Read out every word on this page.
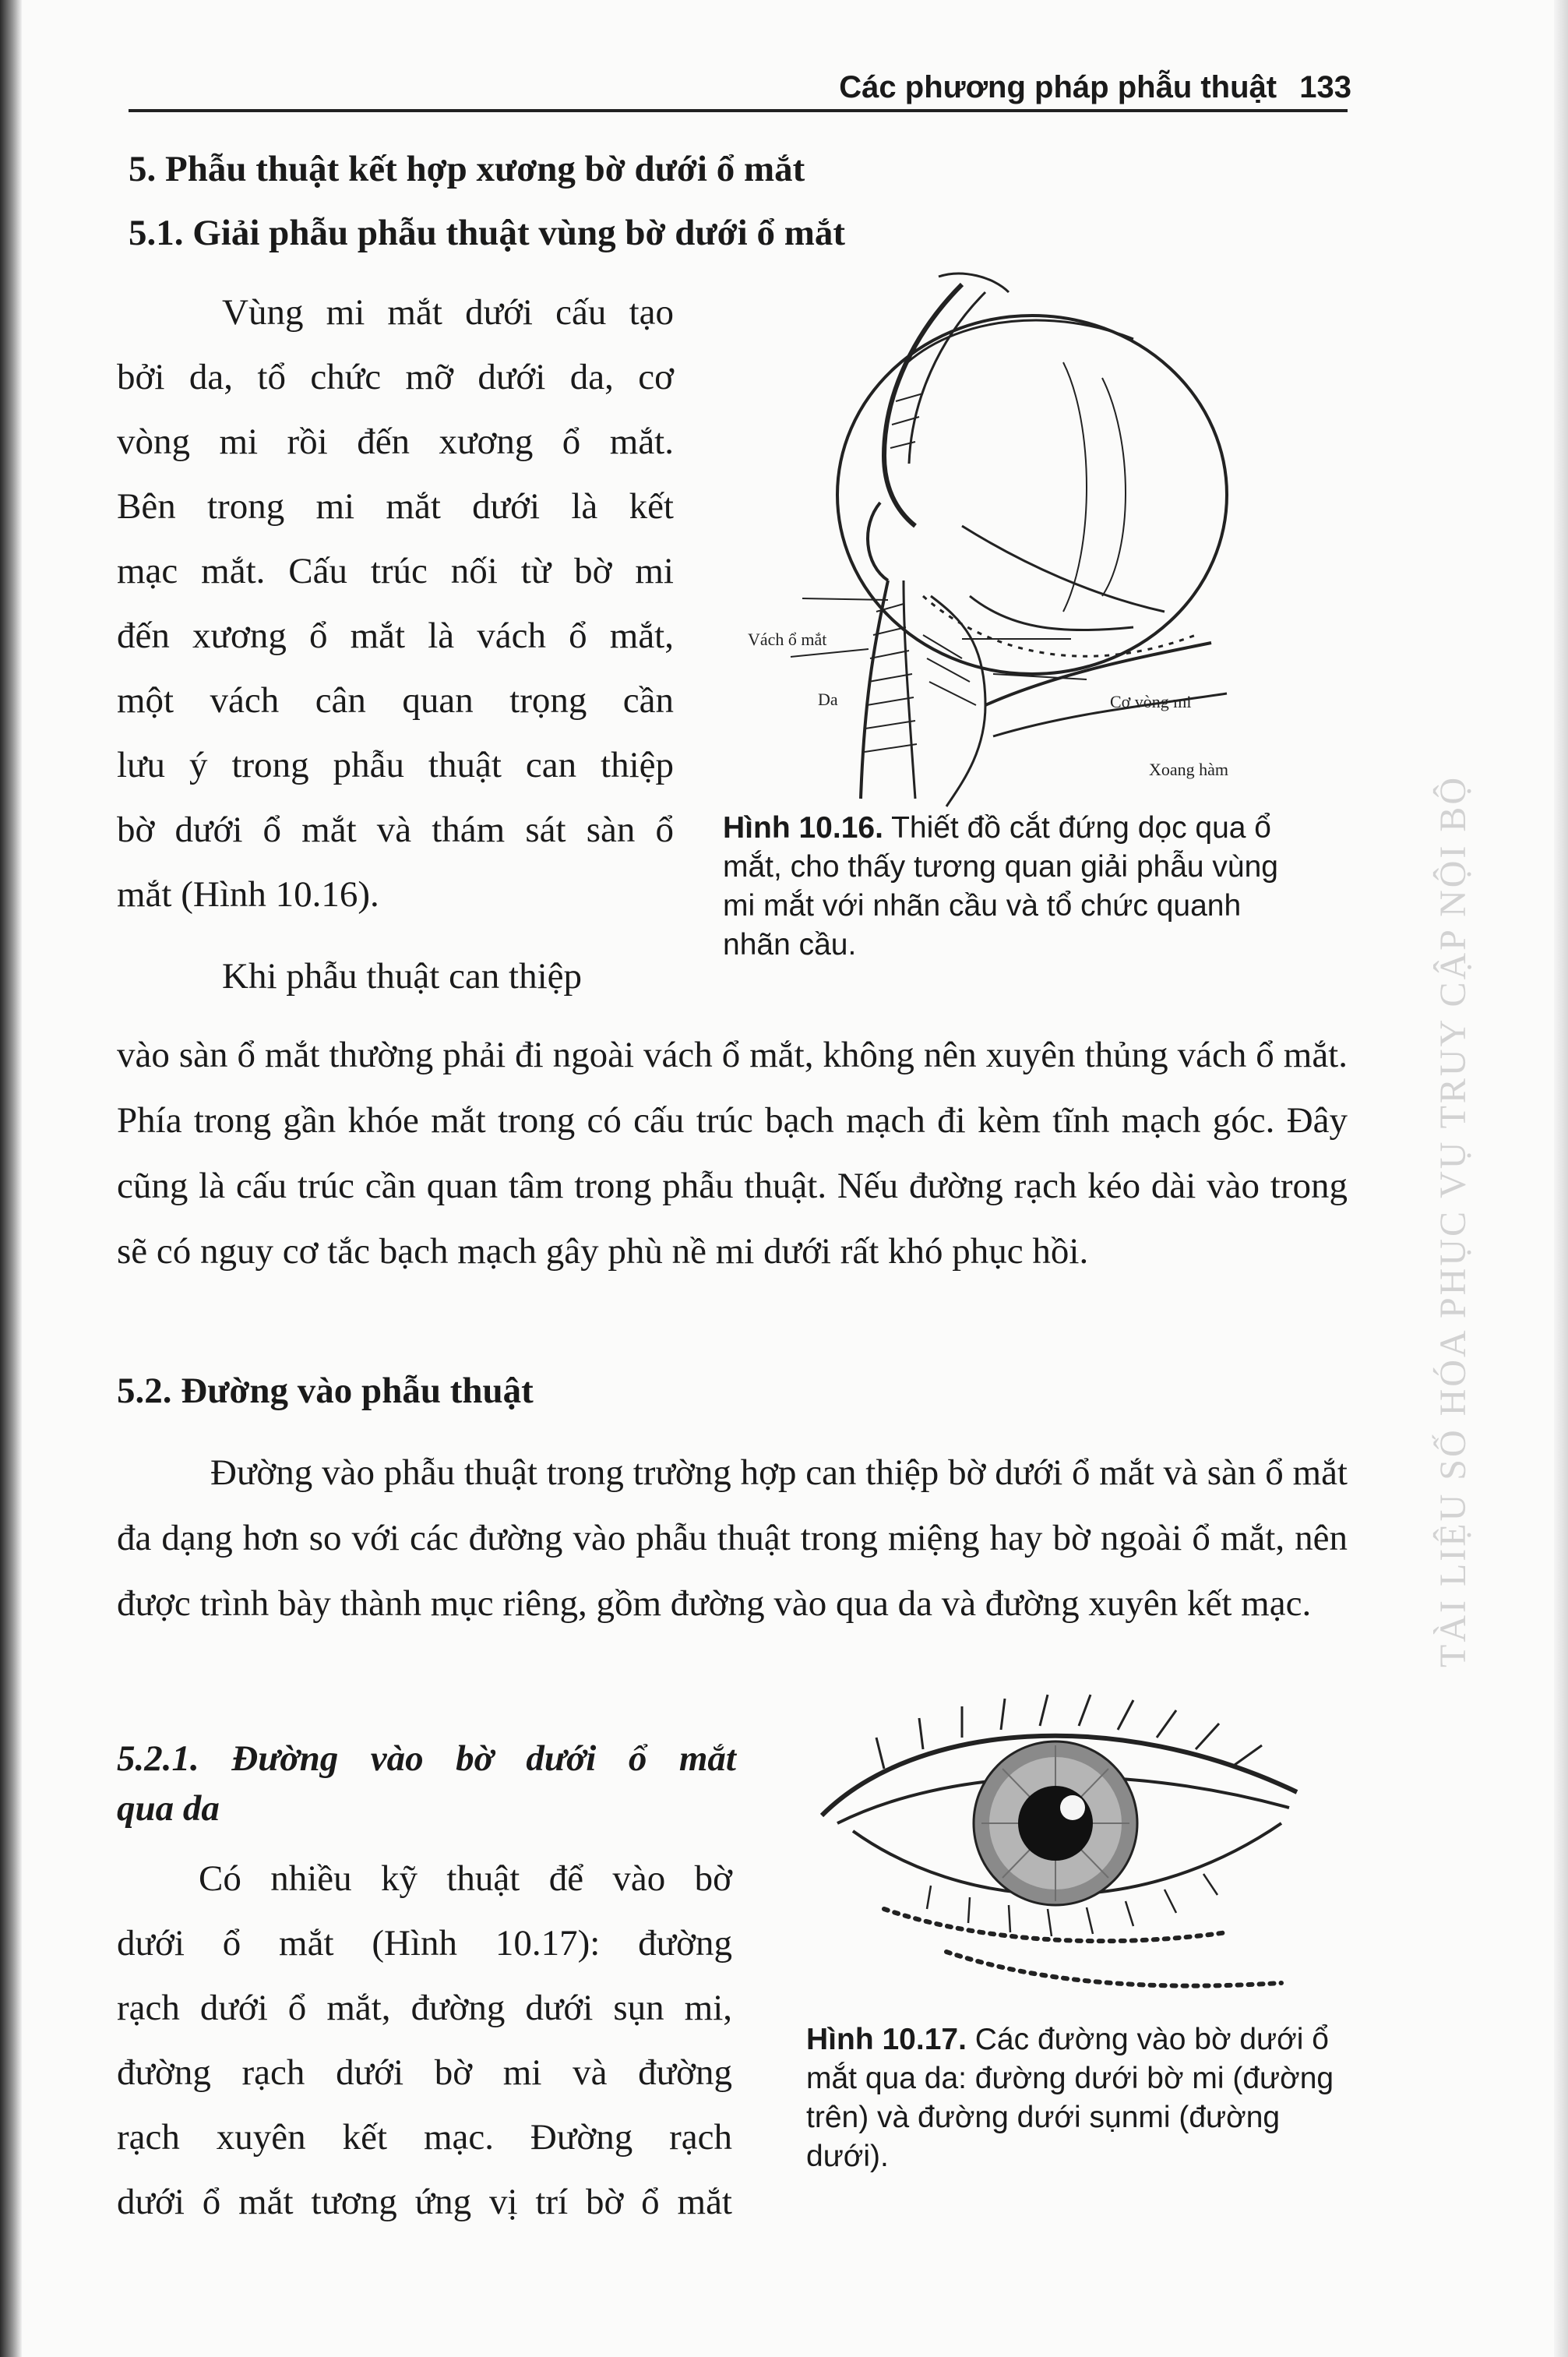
Các phương pháp phẫu thuật 133
5. Phẫu thuật kết hợp xương bờ dưới ổ mắt
5.1. Giải phẫu phẫu thuật vùng bờ dưới ổ mắt

Vùng mi mắt dưới cấu tạo

bởi da, tổ chức mỡ dưới da, cơ

vòng mi rồi đến xương ổ mắt.

Bên trong mi mắt dưới là kết

mạc mắt. Cấu trúc nối từ bờ mi

đến xương ổ mắt là vách ổ mắt,

một vách cân quan trọng cần

lưu ý trong phẫu thuật can thiệp

bờ dưới ổ mắt và thám sát sàn ổ

mắt (Hình 10.16).

Khi phẫu thuật can thiệp

Vách ổ mắt
Da	Cơ vòng mi
Xoang hàm
Hình 10.16. Thiết đồ cắt đứng dọc qua ổ mắt, cho thấy tương quan giải phẫu vùng mi mắt với nhãn cầu và tổ chức quanh nhãn cầu.
vào sàn ổ mắt thường phải đi ngoài vách ổ mắt, không nên xuyên thủng vách ổ mắt. Phía trong gần khóe mắt trong có cấu trúc bạch mạch đi kèm tĩnh mạch góc. Đây cũng là cấu trúc cần quan tâm trong phẫu thuật. Nếu đường rạch kéo dài vào trong sẽ có nguy cơ tắc bạch mạch gây phù nề mi dưới rất khó phục hồi.
5.2. Đường vào phẫu thuật
Đường vào phẫu thuật trong trường hợp can thiệp bờ dưới ổ mắt và sàn ổ mắt đa dạng hơn so với các đường vào phẫu thuật trong miệng hay bờ ngoài ổ mắt, nên được trình bày thành mục riêng, gồm đường vào qua da và đường xuyên kết mạc.
5.2.1. Đường vào bờ dưới ổ mắt
qua da

Có nhiều kỹ thuật để vào bờ

dưới ổ mắt (Hình 10.17): đường

rạch dưới ổ mắt, đường dưới sụn mi,

đường rạch dưới bờ mi và đường

rạch xuyên kết mạc. Đường rạch

dưới ổ mắt tương ứng vị trí bờ ổ mắt

Hình 10.17. Các đường vào bờ dưới ổ mắt qua da: đường dưới bờ mi (đường trên) và đường dưới sụnmi (đường dưới).
TÀI LIỆU SỐ HÓA PHỤC VỤ TRUY CẬP NỘI BỘ
